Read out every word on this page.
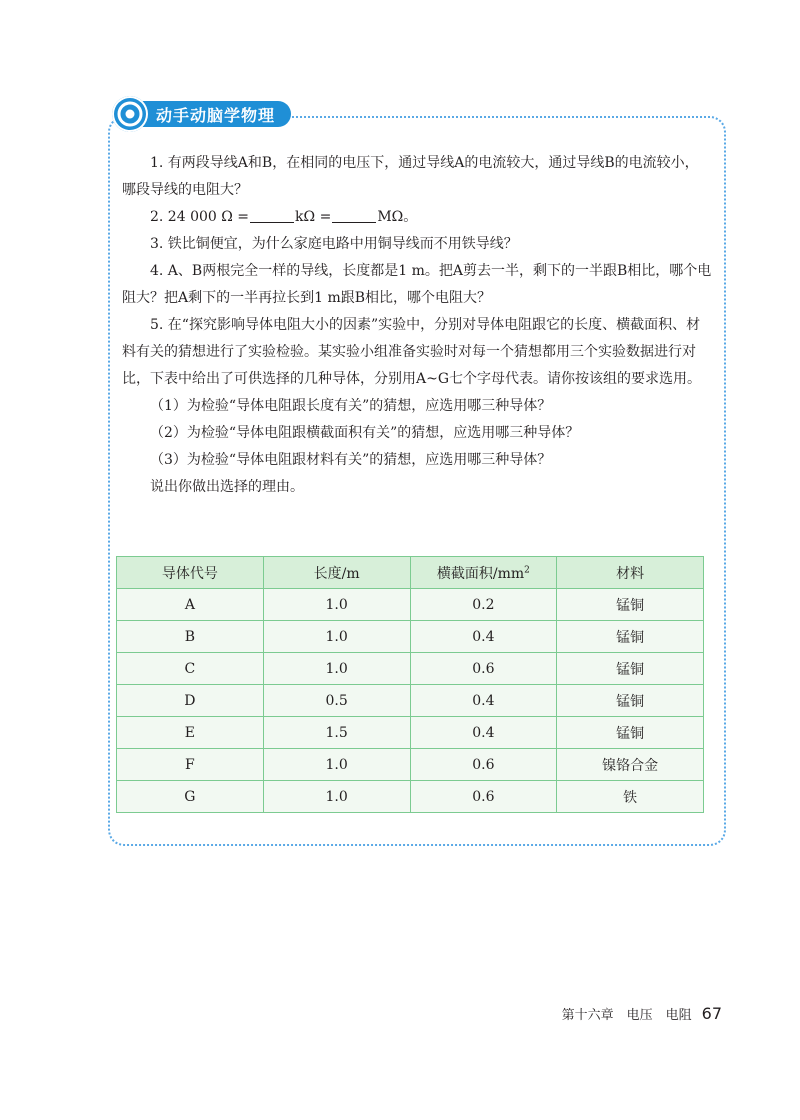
动手动脑学物理

1. 有两段导线A和B，在相同的电压下，通过导线A的电流较大，通过导线B的电流较小，哪段导线的电阻大？

2. 24 000 Ω =	kΩ =	MΩ。

3. 铁比铜便宜，为什么家庭电路中用铜导线而不用铁导线？

4. A、B两根完全一样的导线，长度都是1 m。把A剪去一半，剩下的一半跟B相比，哪个电阻大？把A剩下的一半再拉长到1 m跟B相比，哪个电阻大？

5. 在“探究影响导体电阻大小的因素”实验中，分别对导体电阻跟它的长度、横截面积、材料有关的猜想进行了实验检验。某实验小组准备实验时对每一个猜想都用三个实验数据进行对比，下表中给出了可供选择的几种导体，分别用A~G七个字母代表。请你按该组的要求选用。

（1）为检验“导体电阻跟长度有关”的猜想，应选用哪三种导体？

（2）为检验“导体电阻跟横截面积有关”的猜想，应选用哪三种导体？

（3）为检验“导体电阻跟材料有关”的猜想，应选用哪三种导体？

说出你做出选择的理由。

导体代号	长度/m	横截面积$/mm^2$	材料
A	1.0	0.2	锰铜
B	1.0	0.4	锰铜
C	1.0	0.6	锰铜
D	0.5	0.4	锰铜
E	1.5	0.4	锰铜
F	1.0	0.6	镍铬合金
G	1.0	0.6	铁
第十六章　电压　电阻 67
